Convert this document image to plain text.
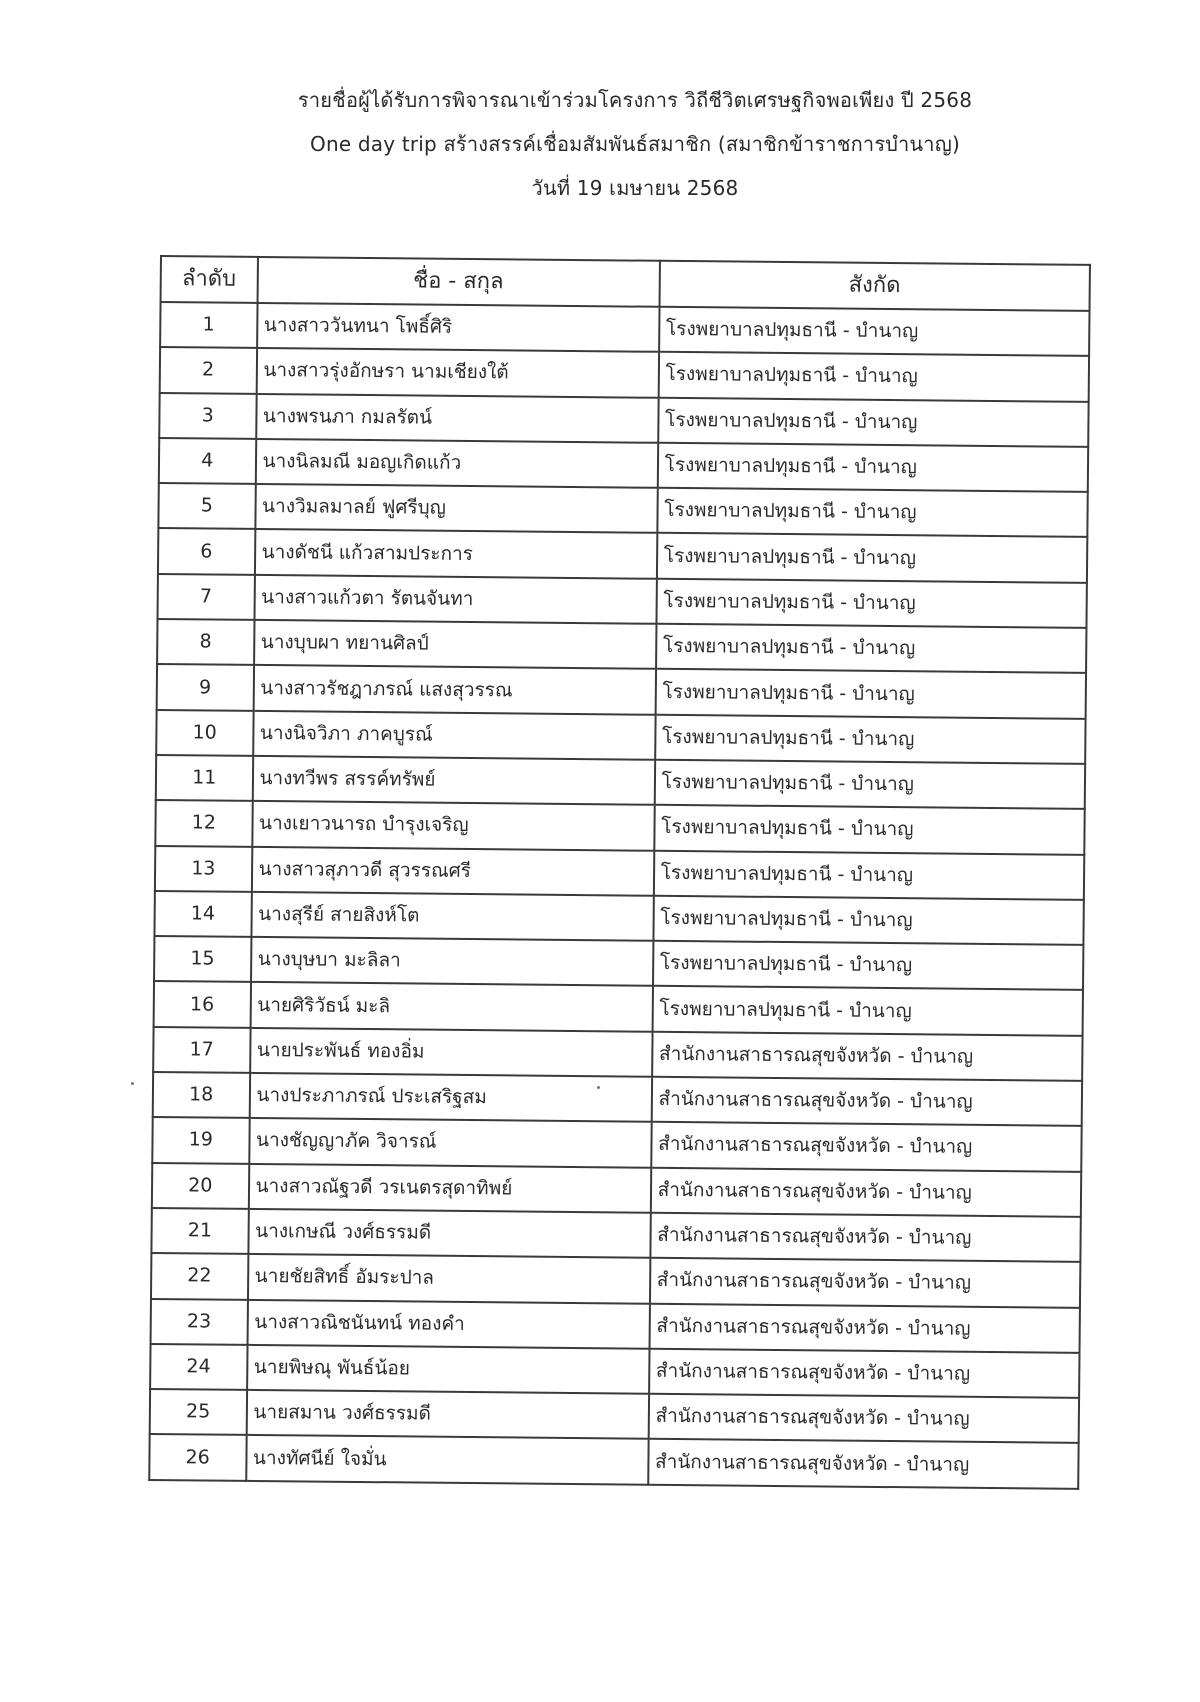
รายชื่อผู้ได้รับการพิจารณาเข้าร่วมโครงการ วิถีชีวิตเศรษฐกิจพอเพียง ปี 2568
One day trip สร้างสรรค์เชื่อมสัมพันธ์สมาชิก (สมาชิกข้าราชการบำนาญ)
วันที่ 19 เมษายน 2568
ลำดับ	ชื่อ - สกุล	สังกัด
1	นางสาววันทนา โพธิ์ศิริ	โรงพยาบาลปทุมธานี - บำนาญ
2	นางสาวรุ่งอักษรา นามเชียงใต้	โรงพยาบาลปทุมธานี - บำนาญ
3	นางพรนภา กมลรัตน์	โรงพยาบาลปทุมธานี - บำนาญ
4	นางนิลมณี มอญเกิดแก้ว	โรงพยาบาลปทุมธานี - บำนาญ
5	นางวิมลมาลย์ ฟูศรีบุญ	โรงพยาบาลปทุมธานี - บำนาญ
6	นางดัชนี แก้วสามประการ	โรงพยาบาลปทุมธานี - บำนาญ
7	นางสาวแก้วตา รัตนจันทา	โรงพยาบาลปทุมธานี - บำนาญ
8	นางบุบผา ทยานศิลป์	โรงพยาบาลปทุมธานี - บำนาญ
9	นางสาวรัชฎาภรณ์ แสงสุวรรณ	โรงพยาบาลปทุมธานี - บำนาญ
10	นางนิจวิภา ภาคบูรณ์	โรงพยาบาลปทุมธานี - บำนาญ
11	นางทวีพร สรรค์ทรัพย์	โรงพยาบาลปทุมธานี - บำนาญ
12	นางเยาวนารถ บำรุงเจริญ	โรงพยาบาลปทุมธานี - บำนาญ
13	นางสาวสุภาวดี สุวรรณศรี	โรงพยาบาลปทุมธานี - บำนาญ
14	นางสุรีย์ สายสิงห์โต	โรงพยาบาลปทุมธานี - บำนาญ
15	นางบุษบา มะลิลา	โรงพยาบาลปทุมธานี - บำนาญ
16	นายศิริวัธน์ มะลิ	โรงพยาบาลปทุมธานี - บำนาญ
17	นายประพันธ์ ทองอิ่ม	สำนักงานสาธารณสุขจังหวัด - บำนาญ
18	นางประภาภรณ์ ประเสริฐสม	สำนักงานสาธารณสุขจังหวัด - บำนาญ
19	นางชัญญาภัค วิจารณ์	สำนักงานสาธารณสุขจังหวัด - บำนาญ
20	นางสาวณัฐวดี วรเนตรสุดาทิพย์	สำนักงานสาธารณสุขจังหวัด - บำนาญ
21	นางเกษณี วงศ์ธรรมดี	สำนักงานสาธารณสุขจังหวัด - บำนาญ
22	นายชัยสิทธิ์ อัมระปาล	สำนักงานสาธารณสุขจังหวัด - บำนาญ
23	นางสาวณิชนันทน์ ทองคำ	สำนักงานสาธารณสุขจังหวัด - บำนาญ
24	นายพิษณุ พันธ์น้อย	สำนักงานสาธารณสุขจังหวัด - บำนาญ
25	นายสมาน วงศ์ธรรมดี	สำนักงานสาธารณสุขจังหวัด - บำนาญ
26	นางทัศนีย์ ใจมั่น	สำนักงานสาธารณสุขจังหวัด - บำนาญ
